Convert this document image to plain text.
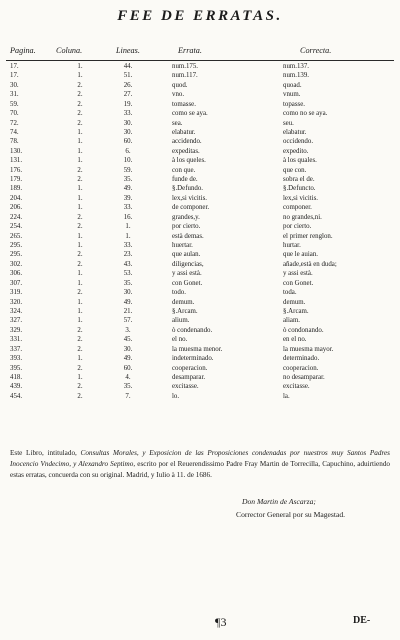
FEE DE ERRATAS.
Pagina. Coluna.	Lineas.	Errata.	Correcta.
17.	1.	44.	num.175.	num.137.
17.	1.	51.	num.117.	num.139.
30.	2.	26.	quod.	quoad.
31.	2.	27.	vno.	vnum.
59.	2.	19.	tomasse.	topasse.
70.	2.	33.	como se aya.	como no se aya.
72.	2.	30.	sea.	seu.
74.	1.	30.	elabatur.	elabatur.
78.	1.	60.	accidendo.	occidendo.
130.	1.	6.	expeditas.	expedito.
131.	1.	10.	à los queles.	à los quales.
176.	2.	59.	con que.	que con.
179.	2.	35.	funde de.	sobra el de.
189.	1.	49.	§.Defundo.	§.Defuncto.
204.	1.	39.	lex,si vicitis.	lex,si vicitis.
206.	1.	33.	de componer.	componer.
224.	2.	16.	grandes,y.	no grandes,ni.
254.	2.	1.	por cierto.	por cierto.
265.	1.	1.	està demas.	el primer renglon.
295.	1.	33.	huertar.	hurtar.
295.	2.	23.	que aulan.	que le auian.
302.	2.	43.	diligencias,	añade,està en duda;
306.	1.	53.	y assi està.	y assi està.
307.	1.	35.	con Gonet.	con Gonet.
319.	2.	30.	todo.	toda.
320.	1.	49.	demum.	demum.
324.	1.	21.	§.Arcam.	§.Arcam.
327.	1.	57.	alium.	aliam.
329.	2.	3.	ò condenando.	ò condonando.
331.	2.	45.	el no.	en el no.
337.	2.	30.	la muesma menor.	la muesma mayor.
393.	1.	49.	indeterminado.	determinado.
395.	2.	60.	cooperacion.	cooperacion.
418.	1.	4.	desamparar.	no desamparar.
439.	2.	35.	excitasse.	excitasse.
454.	2.	7.	lo.	la.
Este Libro, intitulado, Consultas Morales, y Exposicion de las Proposiciones condenadas por nuestros muy Santos Padres Inocencio Vndecimo, y Alexandro Septimo, escrito por el Reuerendissimo Padre Fray Martin de Torrecilla, Capuchino, aduirtiendo estas erratas, concuerda con su original. Madrid, y Iulio à 11. de 1686.
Don Martin de Ascarza;
Corrector General por su Magestad.
¶3	DE-
